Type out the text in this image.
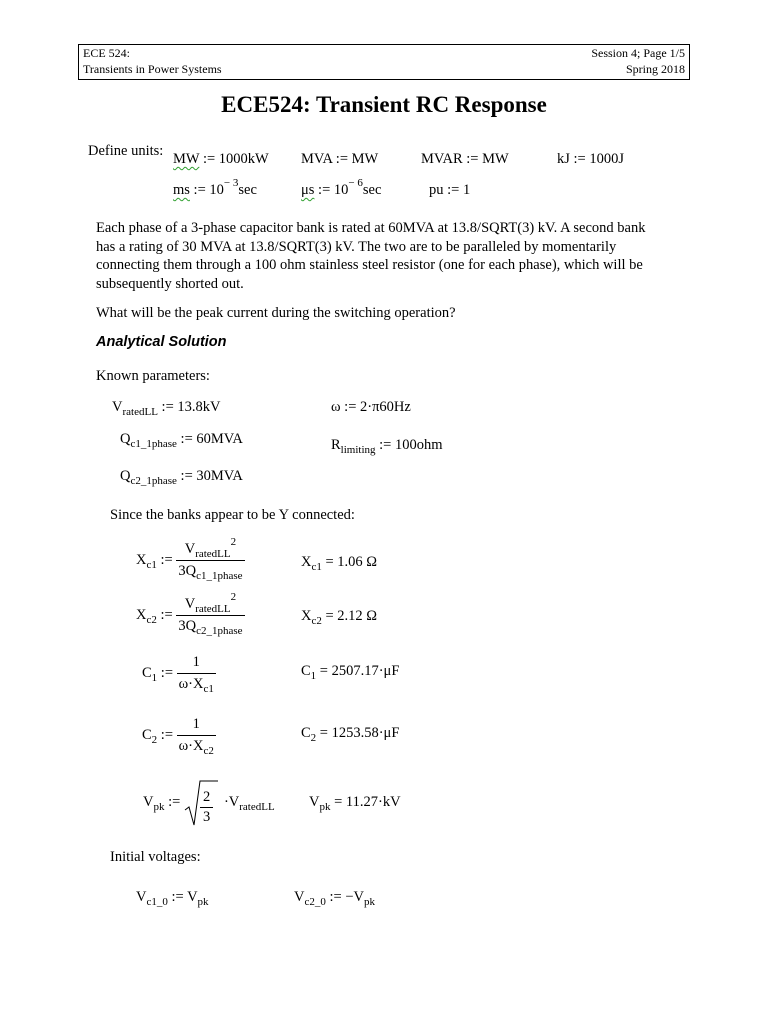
ECE 524:
Transients in Power Systems
Session 4; Page 1/5
Spring 2018
ECE524: Transient RC Response
Define units: MW := 1000kW MVA := MW	MVAR := MW	kJ := 1000J
ms := $10^{- 3}\sec$	μs := $10^{- 6}\sec$	pu := 1

Each phase of a 3-phase capacitor bank is rated at 60MVA at 13.8/SQRT(3) kV. A second bank has a rating of 30 MVA at 13.8/SQRT(3) kV. The two are to be paralleled by momentarily connecting them through a 100 ohm stainless steel resistor (one for each phase), which will be subsequently shorted out.

What will be the peak current during the switching operation?
Analytical Solution
Known parameters:
$V_{ratedLL}$ := 13.8kV	ω := 2·π60Hz
$Q_{c1\_1phase}$ := 60MVA	$R_{limiting}$ := 100ohm
$Q_{c2\_1phase}$ := 30MVA
Since the banks appear to be Y connected:
$X_{c1}$ := $\frac{V_{ratedLL}^2}{3Q_{c1\_1phase}}$	$X_{c1} = 1.06$ Ω
$X_{c2}$ := $\frac{V_{ratedLL}^2}{3Q_{c2\_1phase}}$	$X_{c2} = 2.12$ Ω
$C_1$ := $\frac{1}{\omega\cdot X_{c1}}$	$C_1 = 2507.17\cdot\mu F$
$C_2$ := $\frac{1}{\omega\cdot X_{c2}}$	$C_2 = 1253.58\cdot\mu F$
$V_{pk}$ := $\frac{2}{3} \cdot V_{ratedLL}$ $V_{pk} = 11.27\cdot kV$
Initial voltages:
$V_{c1\_0}$ := $V_{pk}$	$V_{c2\_0}$ := $-V_{pk}$
